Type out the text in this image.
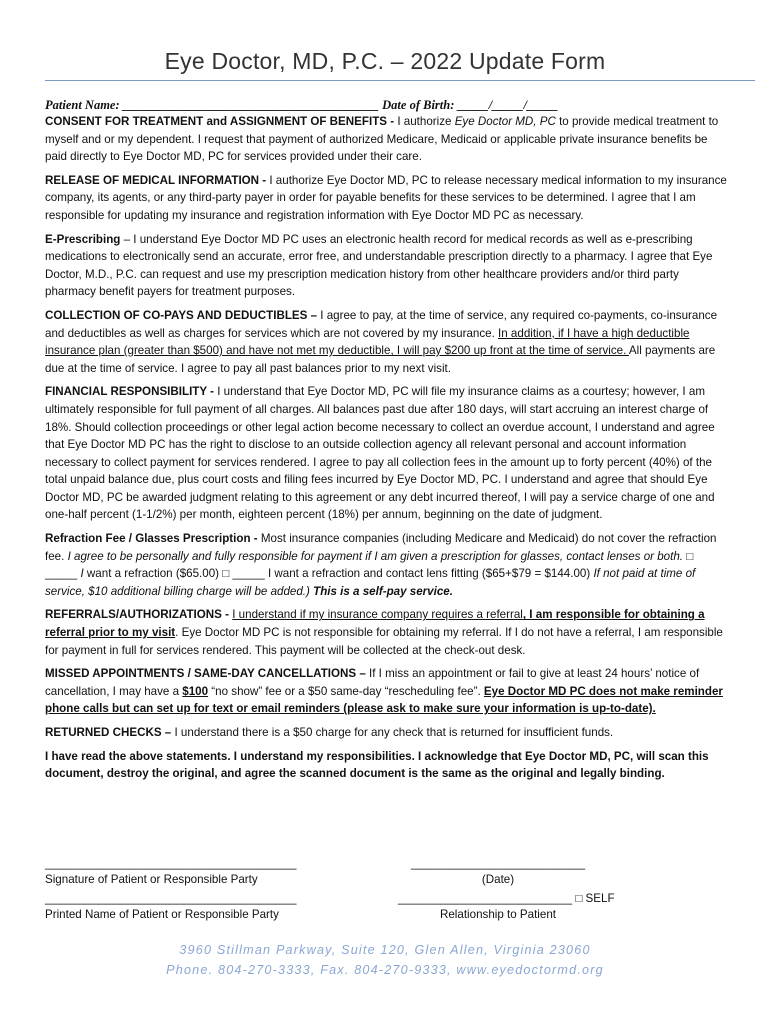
Eye Doctor, MD, P.C. – 2022 Update Form
Patient Name: _________________________________________ Date of Birth: _____/_____/_____

CONSENT FOR TREATMENT and ASSIGNMENT OF BENEFITS - I authorize Eye Doctor MD, PC to provide medical treatment to myself and or my dependent. I request that payment of authorized Medicare, Medicaid or applicable private insurance benefits be paid directly to Eye Doctor MD, PC for services provided under their care.

RELEASE OF MEDICAL INFORMATION - I authorize Eye Doctor MD, PC to release necessary medical information to my insurance company, its agents, or any third-party payer in order for payable benefits for these services to be determined. I agree that I am responsible for updating my insurance and registration information with Eye Doctor MD PC as necessary.

E-Prescribing – I understand Eye Doctor MD PC uses an electronic health record for medical records as well as e-prescribing medications to electronically send an accurate, error free, and understandable prescription directly to a pharmacy. I agree that Eye Doctor, M.D., P.C. can request and use my prescription medication history from other healthcare providers and/or third party pharmacy benefit payers for treatment purposes.

COLLECTION OF CO-PAYS AND DEDUCTIBLES – I agree to pay, at the time of service, any required co-payments, co-insurance and deductibles as well as charges for services which are not covered by my insurance. In addition, if I have a high deductible insurance plan (greater than $500) and have not met my deductible, I will pay $200 up front at the time of service. All payments are due at the time of service. I agree to pay all past balances prior to my next visit.

FINANCIAL RESPONSIBILITY - I understand that Eye Doctor MD, PC will file my insurance claims as a courtesy; however, I am ultimately responsible for full payment of all charges. All balances past due after 180 days, will start accruing an interest charge of 18%. Should collection proceedings or other legal action become necessary to collect an overdue account, I understand and agree that Eye Doctor MD PC has the right to disclose to an outside collection agency all relevant personal and account information necessary to collect payment for services rendered. I agree to pay all collection fees in the amount up to forty percent (40%) of the total unpaid balance due, plus court costs and filing fees incurred by Eye Doctor MD, PC. I understand and agree that should Eye Doctor MD, PC be awarded judgment relating to this agreement or any debt incurred thereof, I will pay a service charge of one and one-half percent (1-1/2%) per month, eighteen percent (18%) per annum, beginning on the date of judgment.

Refraction Fee / Glasses Prescription - Most insurance companies (including Medicare and Medicaid) do not cover the refraction fee. I agree to be personally and fully responsible for payment if I am given a prescription for glasses, contact lenses or both. □ _____ I want a refraction ($65.00) □ _____ I want a refraction and contact lens fitting ($65+$79 = $144.00) If not paid at time of service, $10 additional billing charge will be added.) This is a self-pay service.

REFERRALS/AUTHORIZATIONS - I understand if my insurance company requires a referral, I am responsible for obtaining a referral prior to my visit. Eye Doctor MD PC is not responsible for obtaining my referral. If I do not have a referral, I am responsible for payment in full for services rendered. This payment will be collected at the check-out desk.

MISSED APPOINTMENTS / SAME-DAY CANCELLATIONS – If I miss an appointment or fail to give at least 24 hours’ notice of cancellation, I may have a $100 “no show” fee or a $50 same-day “rescheduling fee”. Eye Doctor MD PC does not make reminder phone calls but can set up for text or email reminders (please ask to make sure your information is up-to-date).

RETURNED CHECKS – I understand there is a $50 charge for any check that is returned for insufficient funds.

I have read the above statements. I understand my responsibilities. I acknowledge that Eye Doctor MD, PC, will scan this document, destroy the original, and agree the scanned document is the same as the original and legally binding.

_______________________________________
Signature of Patient or Responsible Party
_______________________________________
Printed Name of Patient or Responsible Party
___________________________
(Date)
___________________________ □ SELF
Relationship to Patient
3960 Stillman Parkway, Suite 120, Glen Allen, Virginia 23060
Phone. 804-270-3333, Fax. 804-270-9333, www.eyedoctormd.org
